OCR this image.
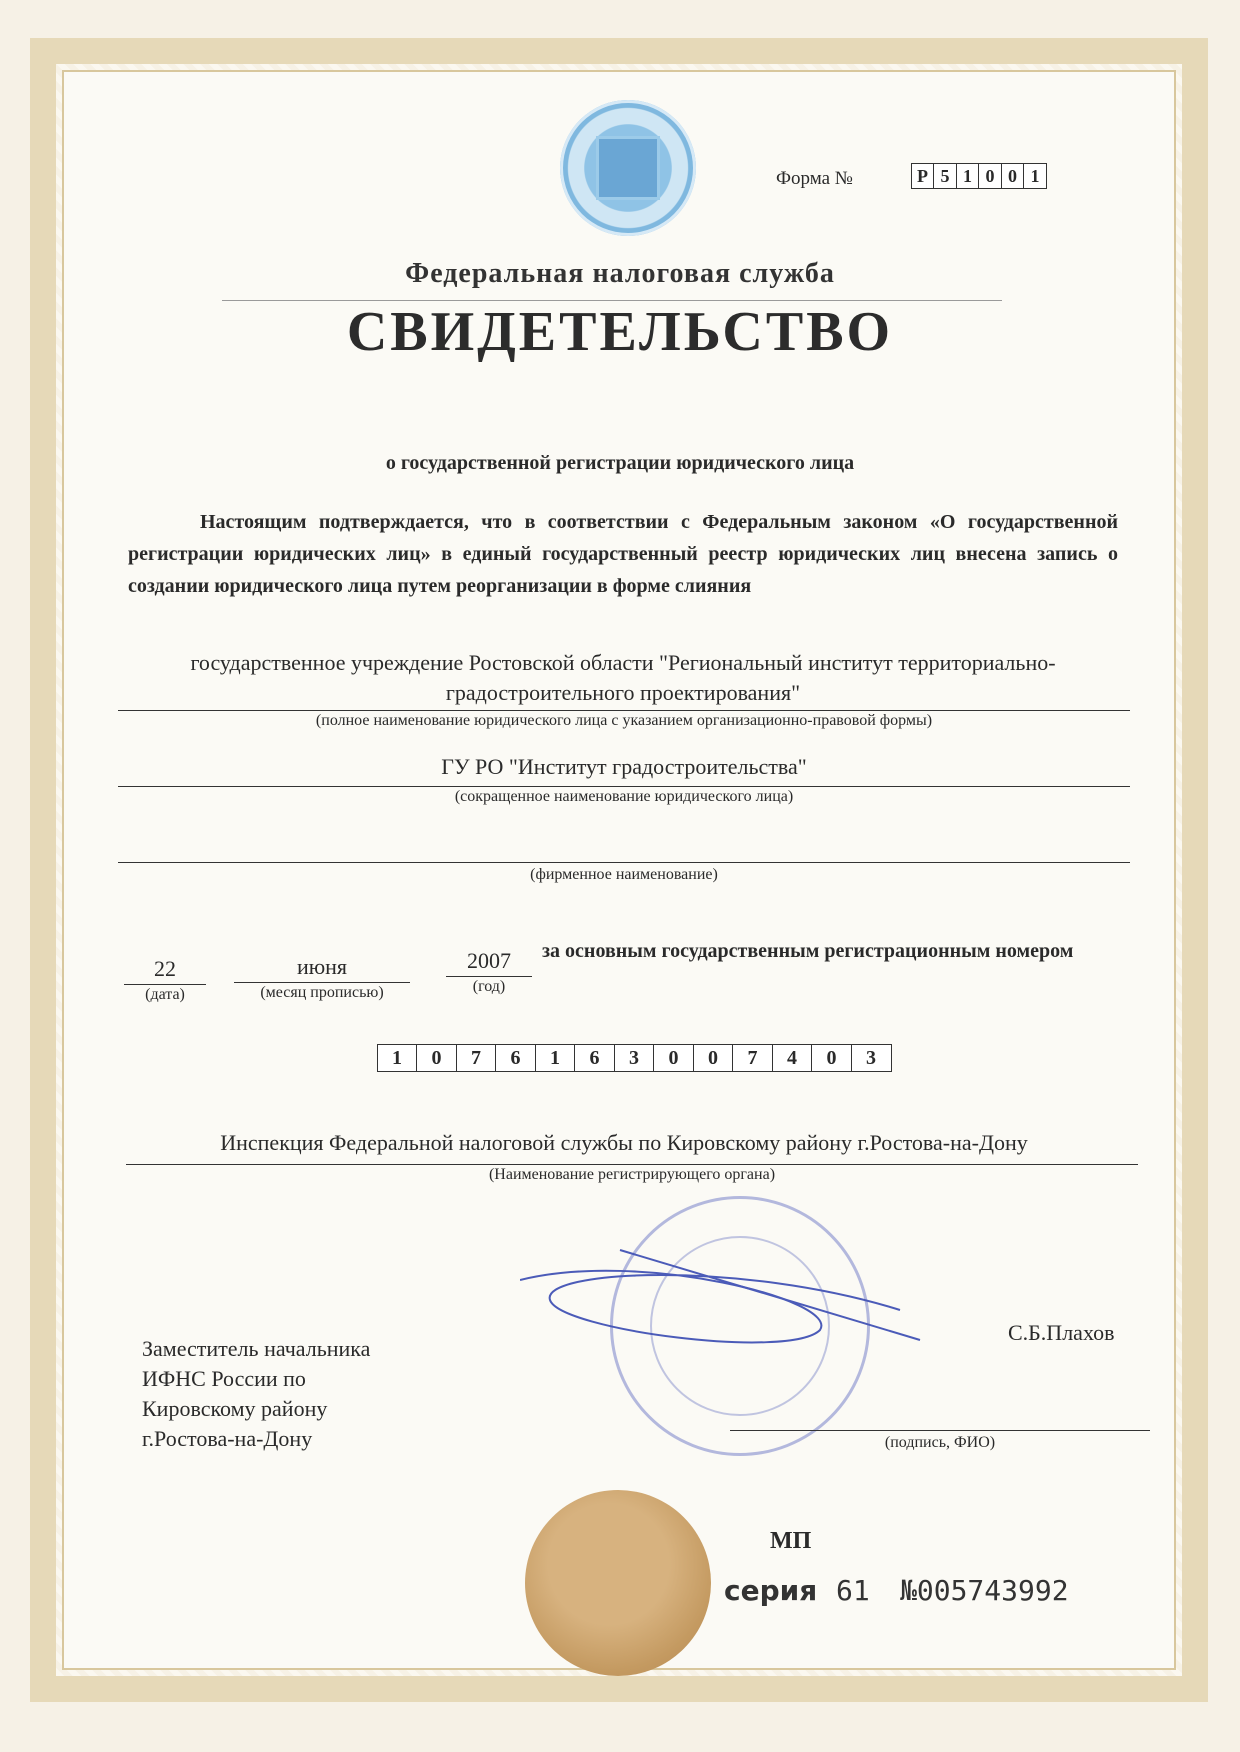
Форма №	Р 5 1 0 0 1
Федеральная налоговая служба
СВИДЕТЕЛЬСТВО
о государственной регистрации юридического лица
Настоящим подтверждается, что в соответствии с Федеральным законом «О государственной регистрации юридических лиц» в единый государственный реестр юридических лиц внесена запись о создании юридического лица путем реорганизации в форме слияния
государственное учреждение Ростовской области "Региональный институт территориально-градостроительного проектирования"
(полное наименование юридического лица с указанием организационно-правовой формы)
ГУ РО "Институт градостроительства"
(сокращенное наименование юридического лица)
(фирменное наименование)
22
(дата)
июня
(месяц прописью)
2007
(год)
за основным государственным регистрационным номером
1	0	7	6	1	6	3	0	0	7	4	0	3
Инспекция Федеральной налоговой службы по Кировскому району г.Ростова-на-Дону
(Наименование регистрирующего органа)
Заместитель начальника
ИФНС России по
Кировскому району
г.Ростова-на-Дону
С.Б.Плахов
(подпись, ФИО)
МП
серия 61 №005743992
